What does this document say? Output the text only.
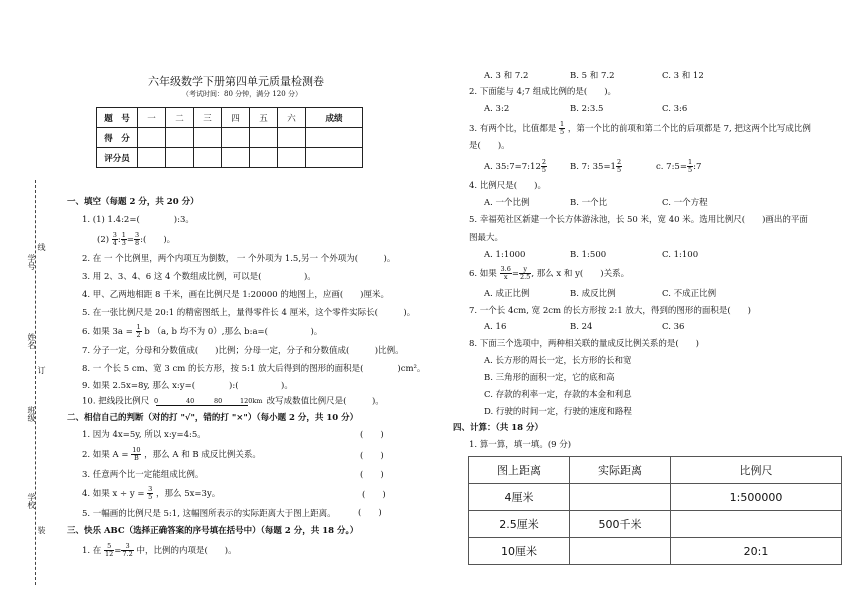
线
订
装
学号
姓名
班级
学校
六年级数学下册第四单元质量检测卷
（考试时间：80 分钟，满分 120 分）
题　号	一	二	三	四	五	六	成绩
得　分							
评分员							
一、填空（每题 2 分，共 20 分）
1. (1) 1.4:2=(　　　　):3。
$(2) \frac{3}{4}$ : $\frac{1}{3} = \frac{3}{8}$ :(　　)。
2. 在 一 个比例里，两个内项互为倒数， 一 个外项为 1.5,另一 个外项为(　　　)。
3. 用 2、3、4、6 这 4 个数组成比例，可以是(　　　　　)。
4. 甲、乙两地相距 8 千米，画在比例尺是 1:20000 的地图上，应画(　　)厘米。
5. 在一张比例尺是 20:1 的精密图纸上，量得零件长 4 厘米，这个零件实际长(　　　)。
6. 如果 $3a = \frac{1}{2}$ b （a, b 均不为 0）,那么 b:a=(　　　　　)。
7. 分子一定，分母和分数值成(　　)比例；分母一定，分子和分数值成(　　　)比例。
8. 一 个长 5 cm、宽 3 cm 的长方形，按 5:1 放大后得到的图形的面积是(　　　　)cm²。
9. 如果 2.5x=8y, 那么 x:y=(　　　　):(　　　　　)。
10. 把线段比例尺 0	40	80	120km 改写成数值比例尺是(　　　)。
二、相信自己的判断（对的打 "√"，错的打 "×"）（每小题 2 分，共 10 分）
1. 因为 4x=5y, 所以 x:y=4:5。	(　　)
2. 如果 $A = \frac{10}{B}$ ，那么 A 和 B 成反比例关系。	(　　)
3. 任意两个比一定能组成比例。	(　　)
4. 如果 $x \div y = \frac{3}{5}$ ，那么 5x=3y。	(　　)
5. 一幅画的比例尺是 5:1, 这幅图所表示的实际距离大于图上距离。	(　　)
三、快乐 ABC（选择正确答案的序号填在括号中）（每题 2 分，共 18 分。）
1. 在 $\frac{5}{12} = \frac{3}{7.2}$ 中，比例的内项是(　　)。
A. 3 和 7.2	B. 5 和 7.2	C. 3 和 12
2. 下面能与 4;7 组成比例的是(　　)。
A. 3:2	B. 2:3.5	C. 3:6
3. 有两个比，比值都是 $\frac{1}{5}$ ，第一个比的前项和第二个比的后项都是 7, 把这两个比写成比例
是(　　)。
A. 35:7=7:12 $\frac{2}{5}$	B. 7: $35=1 \frac{2}{5}$	c. 7:5= $\frac{1}{5}$ :7
4. 比例尺是(　　)。
A. 一个比例	B. 一个比	C. 一个方程
5. 幸福苑社区新建一个长方体游泳池，长 50 米，宽 40 米。选用比例尺(　　)画出的平面
图最大。
A. 1:1000	B. 1:500	C. 1:100
6. 如果 $\frac{3.6}{x} = \frac{y}{2.5}$ , 那么 x 和 y(　　)关系。
A. 成正比例	B. 成反比例	C. 不成正比例
7. 一个长 4cm, 宽 2cm 的长方形按 2:1 放大，得到的图形的面积是(　　)
A. 16	B. 24	C. 36
8. 下面三个选项中，两种相关联的量成反比例关系的是(　　)
A. 长方形的周长一定，长方形的长和宽
B. 三角形的面积一定，它的底和高
C. 存款的利率一定，存款的本金和利息
D. 行驶的时间一定，行驶的速度和路程
四、计算：（共 18 分）
1. 算一算，填一填。(9 分)
图上距离	实际距离	比例尺
4厘米		1:500000
2.5厘米	500千米	
10厘米		20:1
